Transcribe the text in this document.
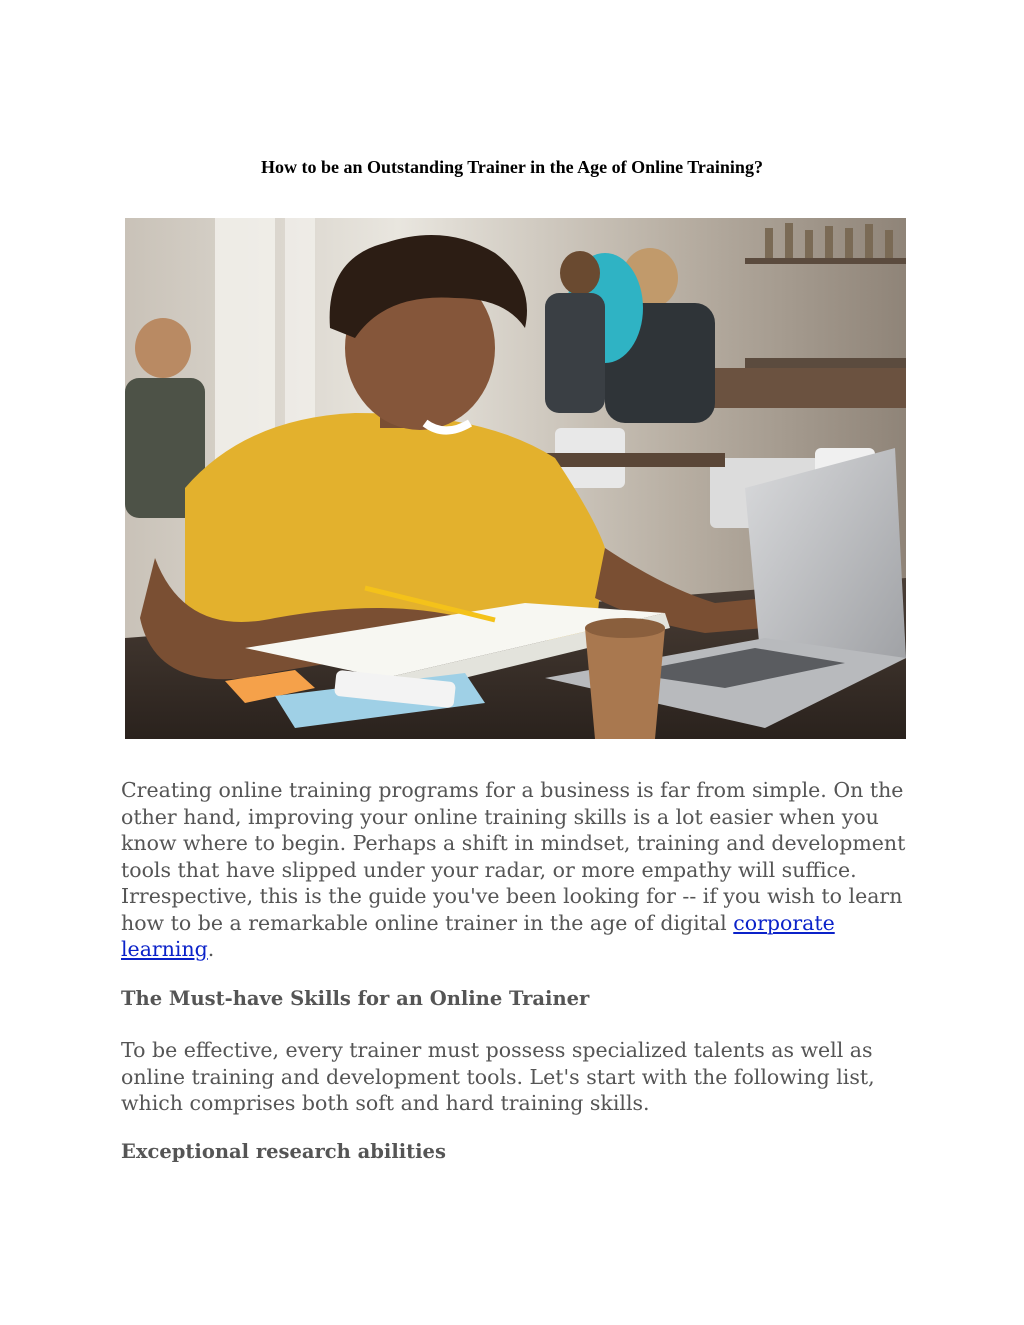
How to be an Outstanding Trainer in the Age of Online Training?

Creating online training programs for a business is far from simple. On the other hand, improving your online training skills is a lot easier when you know where to begin. Perhaps a shift in mindset, training and development tools that have slipped under your radar, or more empathy will suffice. Irrespective, this is the guide you've been looking for -- if you wish to learn how to be a remarkable online trainer in the age of digital corporate learning.

The Must-have Skills for an Online Trainer

To be effective, every trainer must possess specialized talents as well as online training and development tools. Let's start with the following list, which comprises both soft and hard training skills.

Exceptional research abilities
